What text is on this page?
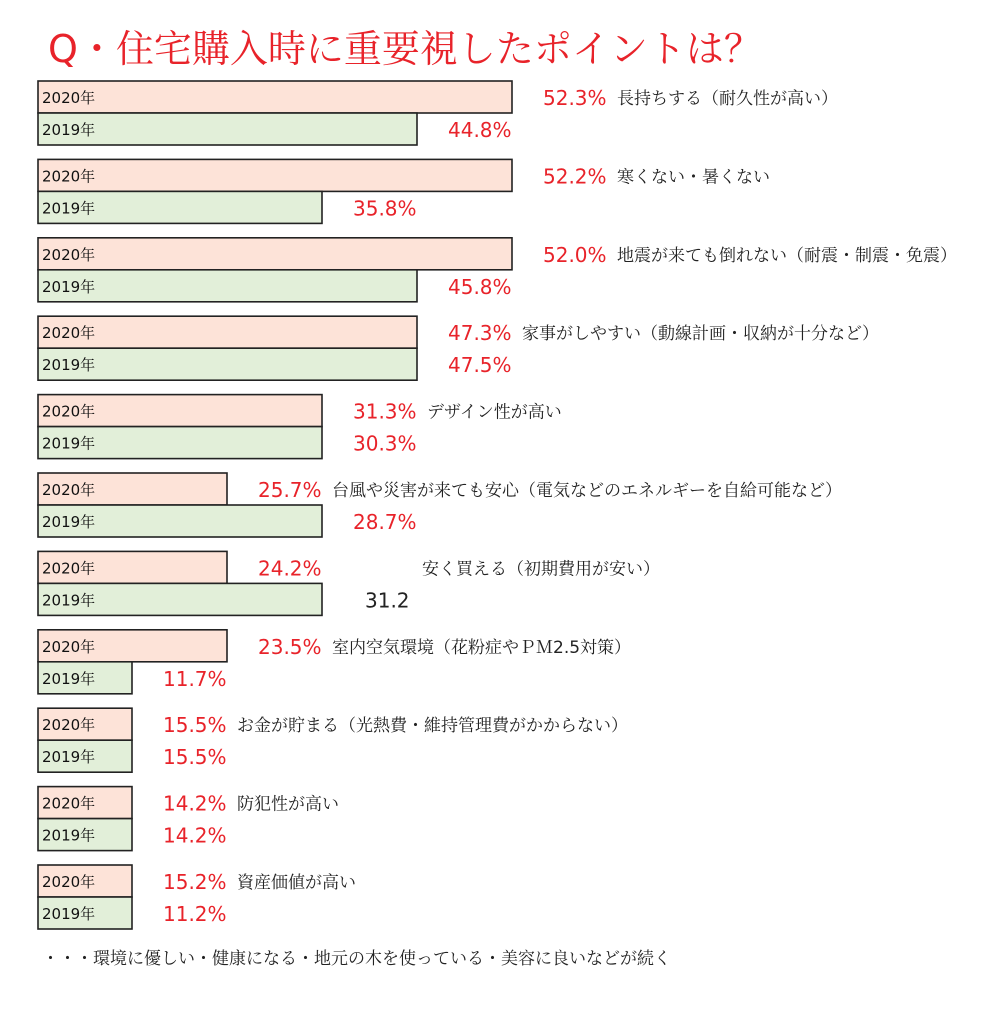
Q・住宅購入時に重要視したポイントは？
2020年	52.3%
2019年	44.8%
長持ちする（耐久性が高い）
2020年	52.2%
2019年	35.8%
寒くない・暑くない
2020年	52.0%
2019年	45.8%
地震が来ても倒れない（耐震・制震・免震）
2020年	47.3%
2019年	47.5%
家事がしやすい（動線計画・収納が十分など）
2020年	31.3%
2019年	30.3%
デザイン性が高い
2020年	25.7%
2019年	28.7%
台風や災害が来ても安心（電気などのエネルギーを自給可能など）
2020年	24.2%
2019年	31.2
安く買える（初期費用が安い）
2020年	23.5%
2019年	11.7%
室内空気環境（花粉症やＰＭ2.5対策）
2020年	15.5%
2019年	15.5%
お金が貯まる（光熱費・維持管理費がかからない）
2020年	14.2%
2019年	14.2%
防犯性が高い
2020年	15.2%
2019年	11.2%
資産価値が高い

・・・環境に優しい・健康になる・地元の木を使っている・美容に良いなどが続く
